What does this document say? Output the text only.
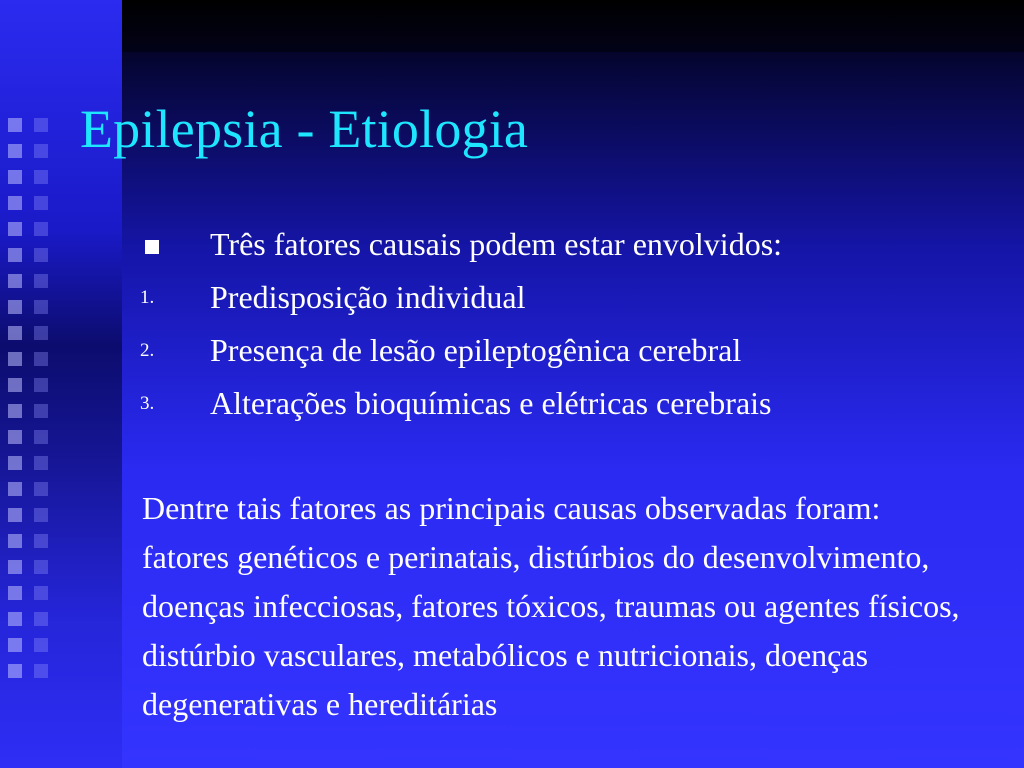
Epilepsia - Etiologia
Três fatores causais podem estar envolvidos:
1.	Predisposição individual
2.	Presença de lesão epileptogênica cerebral
3.	Alterações bioquímicas e elétricas cerebrais

Dentre tais fatores as principais causas observadas foram: fatores genéticos e perinatais, distúrbios do desenvolvimento, doenças infecciosas, fatores tóxicos, traumas ou agentes físicos, distúrbio vasculares, metabólicos e nutricionais, doenças degenerativas e hereditárias
